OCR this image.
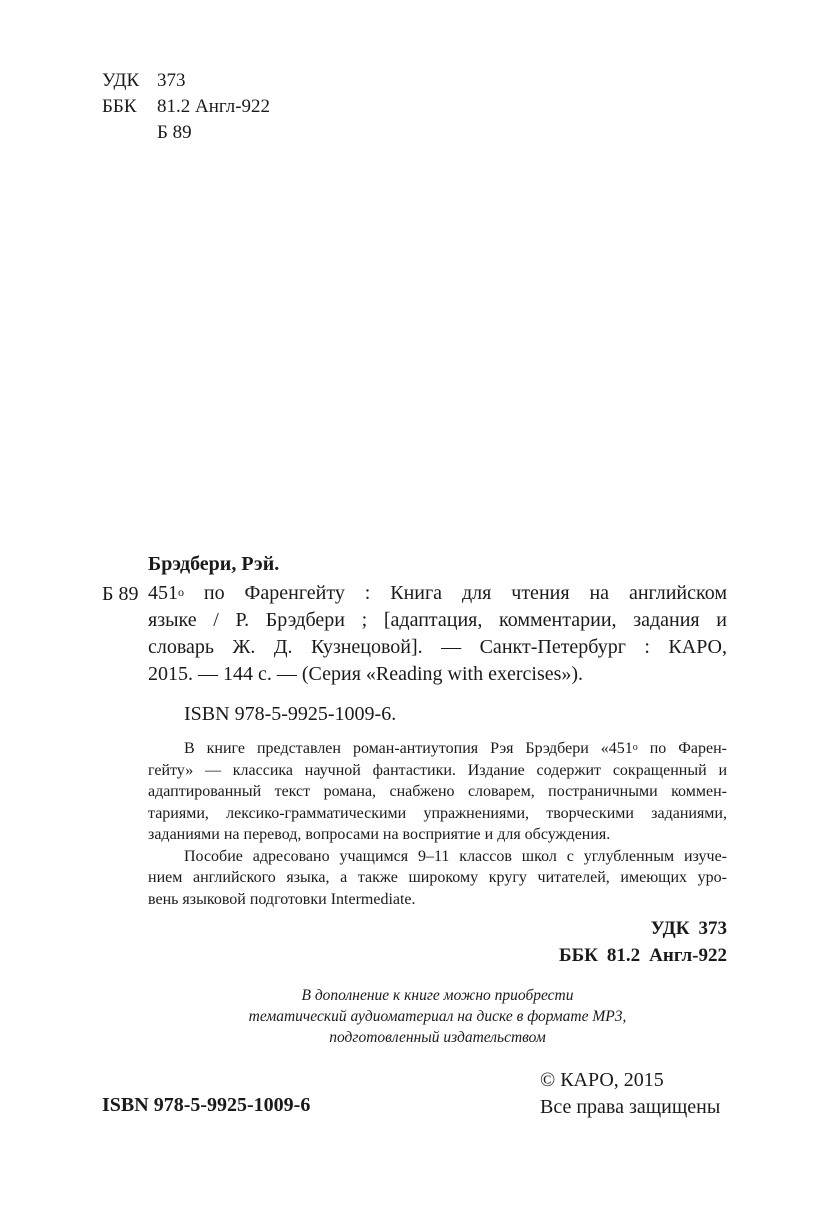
УДК 373
ББК 81.2 Англ-922
Б 89
Брэдбери, Рэй.
Б 89 451$^o$ по Фаренгейту : Книга для чтения на английском
языке / Р. Брэдбери ; [адаптация, комментарии, задания и
словарь Ж. Д. Кузнецовой]. — Санкт-Петербург : КАРО,
2015. — 144 с. — (Серия «Reading with exercises»).
ISBN 978-5-9925-1009-6.
В книге представлен роман-антиутопия Рэя Брэдбери «451$^o$ по Фарен-
гейту» — классика научной фантастики. Издание содержит сокращенный и
адаптированный текст романа, снабжено словарем, постраничными коммен-
тариями, лексико-грамматическими упражнениями, творческими заданиями,
заданиями на перевод, вопросами на восприятие и для обсуждения.
Пособие адресовано учащимся 9–11 классов школ с углубленным изуче-
нием английского языка, а также широкому кругу читателей, имеющих уро-
вень языковой подготовки Intermediate.
УДК 373
ББК 81.2 Англ-922
В дополнение к книге можно приобрести
тематический аудиоматериал на диске в формате MP3,
подготовленный издательством
© КАРО, 2015
Все права защищены
ISBN 978-5-9925-1009-6
